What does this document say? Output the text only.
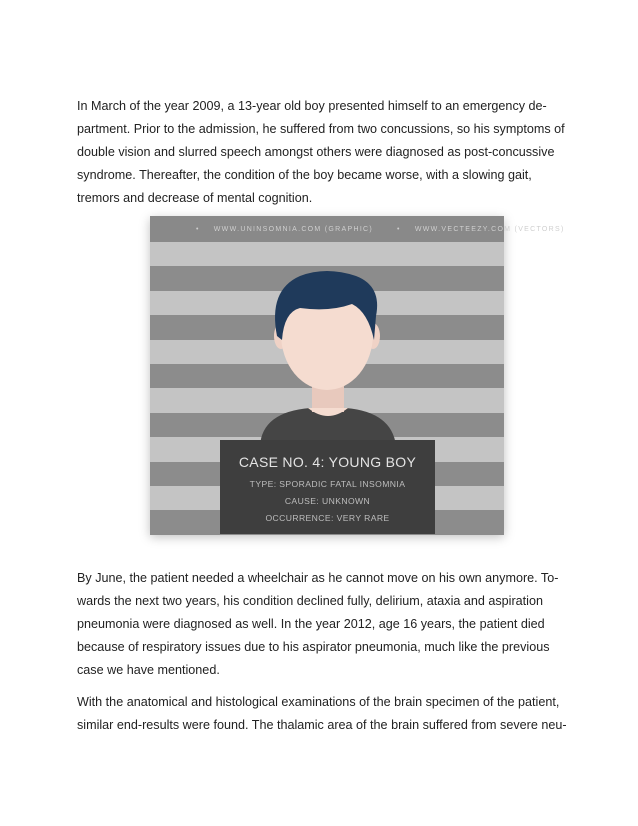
In March of the year 2009, a 13-year old boy presented himself to an emergency de-
partment. Prior to the admission, he suffered from two concussions, so his symptoms of
double vision and slurred speech amongst others were diagnosed as post-concussive
syndrome. Thereafter, the condition of the boy became worse, with a slowing gait,
tremors and decrease of mental cognition.
• WWW.UNINSOMNIA.COM (GRAPHIC)	• WWW.VECTEEZY.COM (VECTORS)
CASE NO. 4: YOUNG BOY
TYPE: SPORADIC FATAL INSOMNIA
CAUSE: UNKNOWN
OCCURRENCE: VERY RARE
By June, the patient needed a wheelchair as he cannot move on his own anymore. To-
wards the next two years, his condition declined fully, delirium, ataxia and aspiration
pneumonia were diagnosed as well. In the year 2012, age 16 years, the patient died
because of respiratory issues due to his aspirator pneumonia, much like the previous
case we have mentioned.
With the anatomical and histological examinations of the brain specimen of the patient,
similar end-results were found. The thalamic area of the brain suffered from severe neu-
